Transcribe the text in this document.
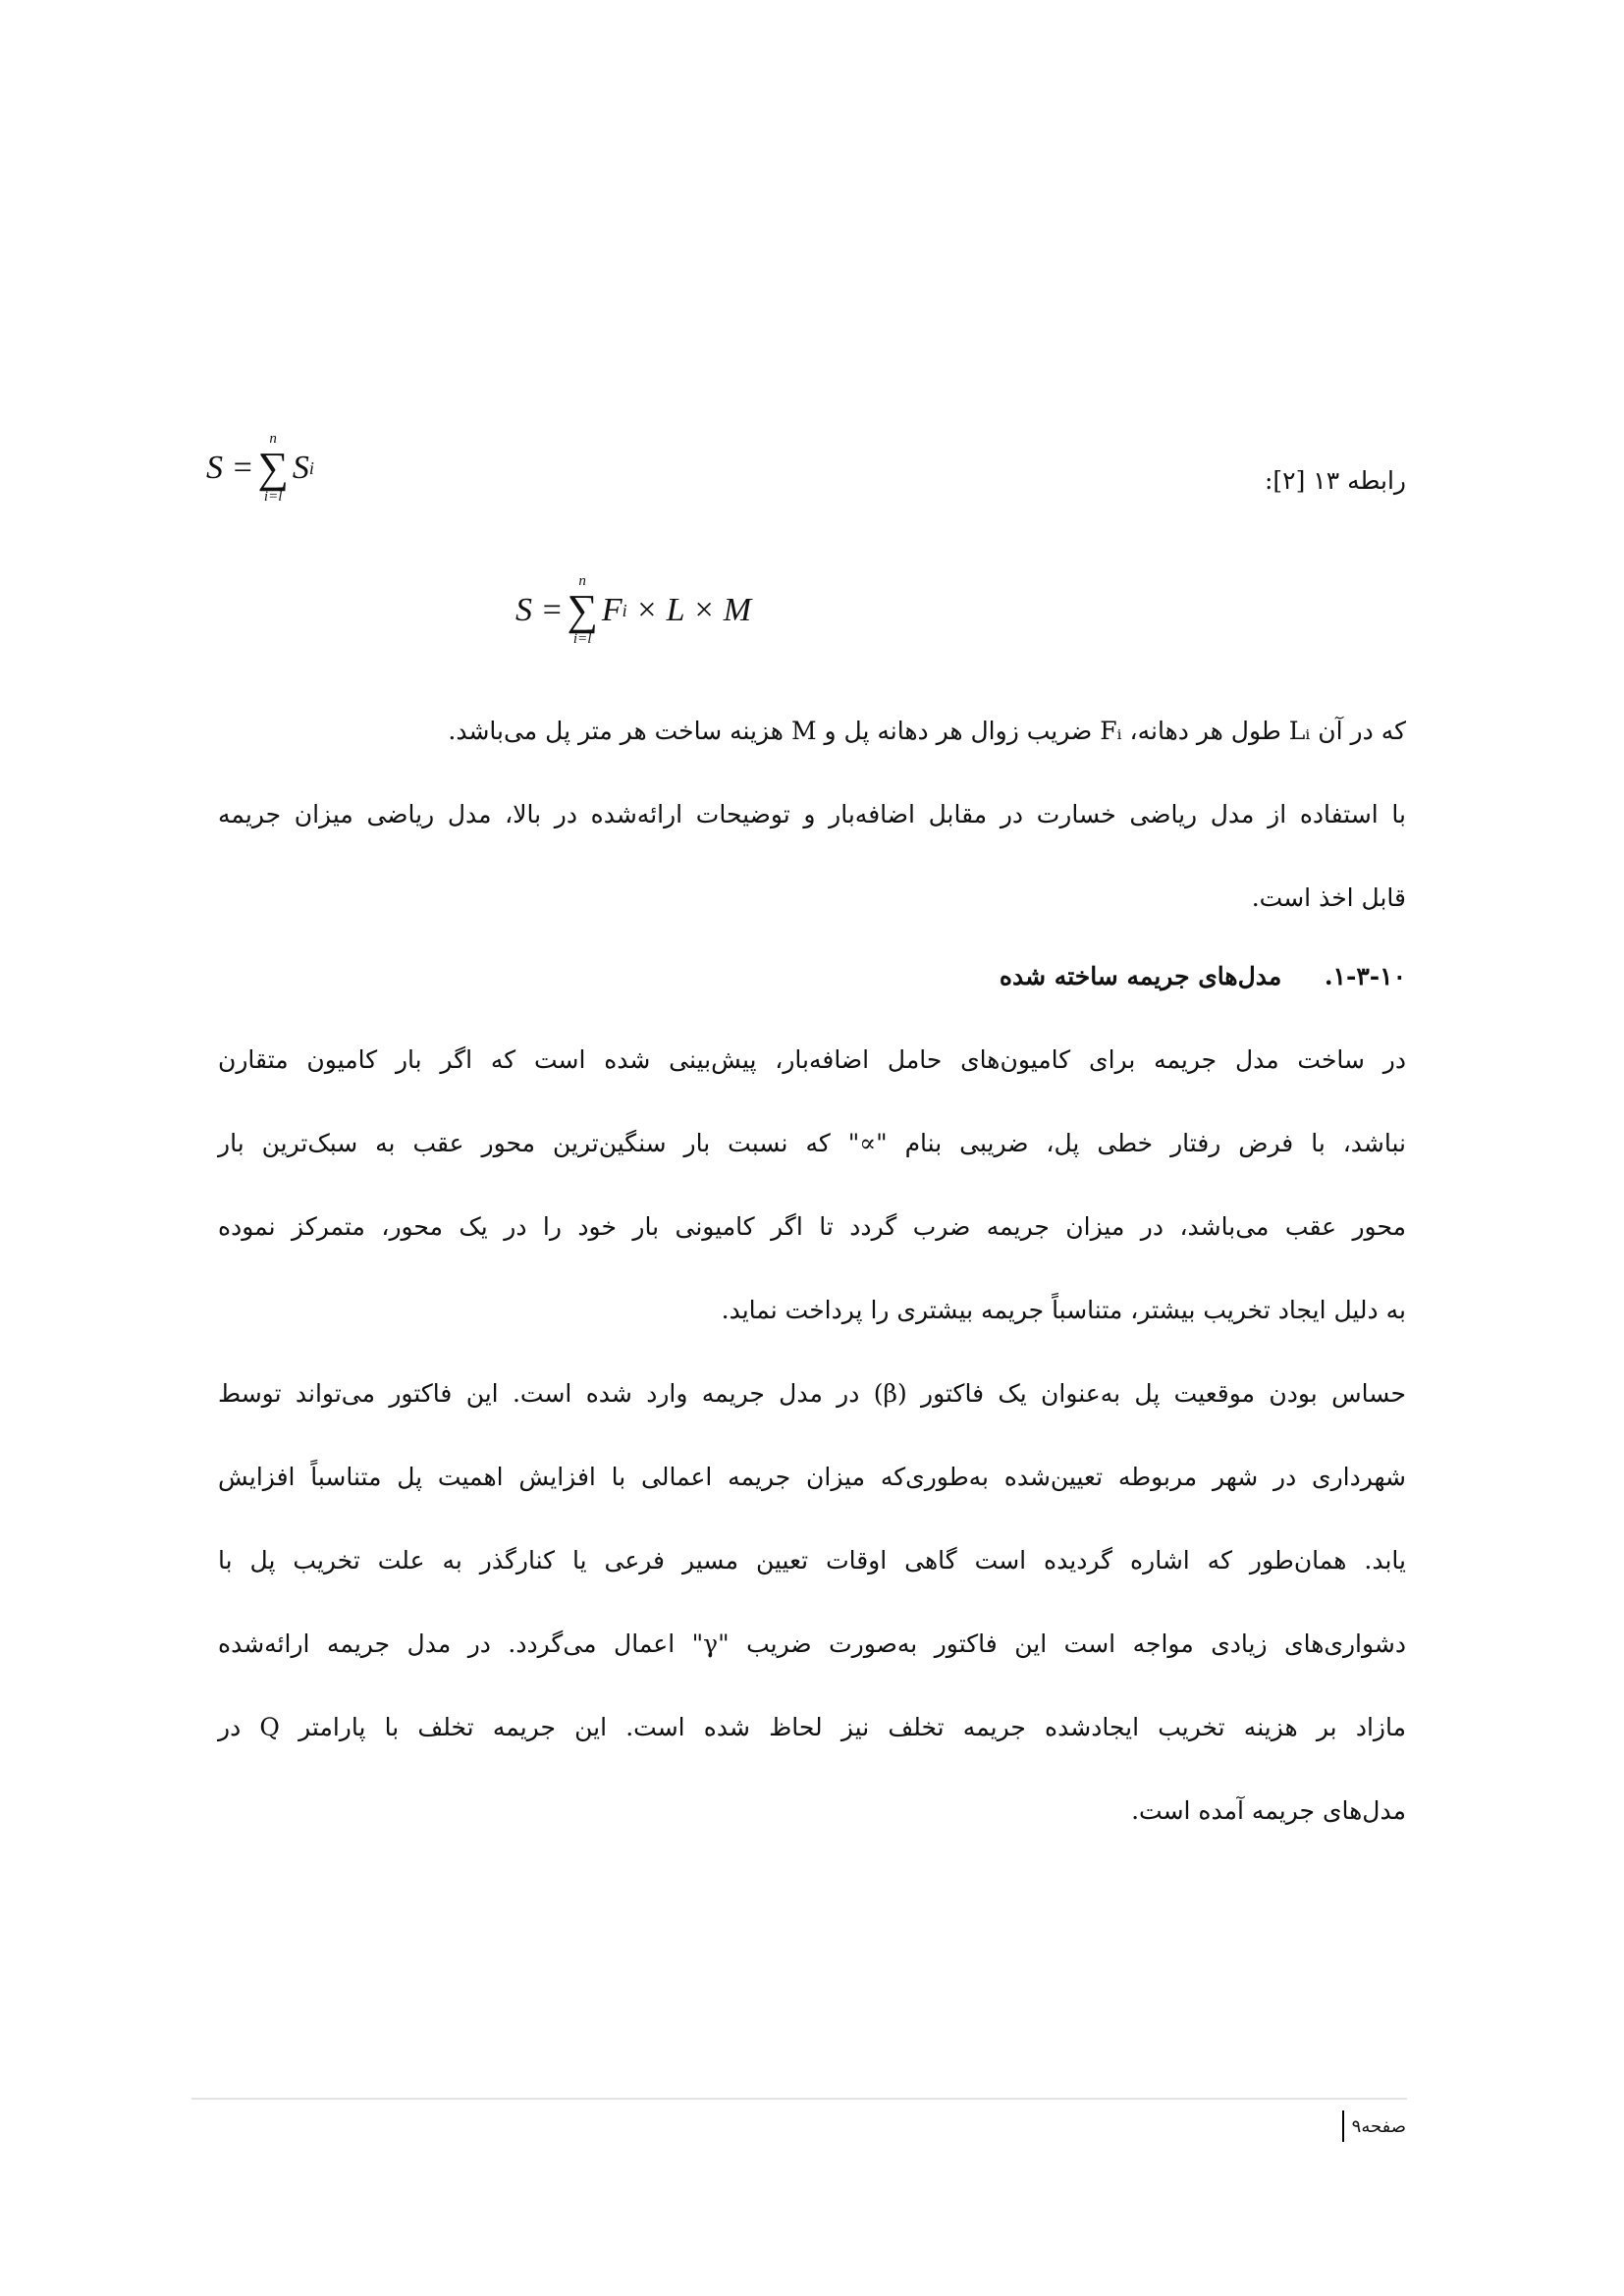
رابطه ۱۳ [۲]:
S
=
n
∑
i=l
S i
S
=
n
∑
i=l
F i
× L × M
که در آن Lᵢ طول هر دهانه، Fᵢ ضریب زوال هر دهانه پل و M هزینه ساخت هر متر پل می‌باشد.
با استفاده از مدل ریاضی خسارت در مقابل اضافه‌بار و توضیحات ارائه‌شده در بالا، مدل ریاضی میزان جریمه
قابل اخذ است.
۱-۳-۱۰.     مدل‌های جریمه ساخته شده
در ساخت مدل جریمه برای کامیون‌های حامل اضافه‌بار، پیش‌بینی شده است که اگر بار کامیون متقارن
نباشد، با فرض رفتار خطی پل، ضریبی بنام "∝" که نسبت بار سنگین‌ترین محور عقب به سبک‌ترین بار
محور عقب می‌باشد، در میزان جریمه ضرب گردد تا اگر کامیونی بار خود را در یک محور، متمرکز نموده
به دلیل ایجاد تخریب بیشتر، متناسباً جریمه بیشتری را پرداخت نماید.
حساس بودن موقعیت پل به‌عنوان یک فاکتور (β) در مدل جریمه وارد شده است. این فاکتور می‌تواند توسط
شهرداری در شهر مربوطه تعیین‌شده به‌طوری‌که میزان جریمه اعمالی با افزایش اهمیت پل متناسباً افزایش
یابد. همان‌طور که اشاره گردیده است گاهی اوقات تعیین مسیر فرعی یا کنارگذر به علت تخریب پل با
دشواری‌های زیادی مواجه است این فاکتور به‌صورت ضریب "γ" اعمال می‌گردد. در مدل جریمه ارائه‌شده
مازاد بر هزینه تخریب ایجادشده جریمه تخلف نیز لحاظ شده است. این جریمه تخلف با پارامتر Q در
مدل‌های جریمه آمده است.
صفحه۹
